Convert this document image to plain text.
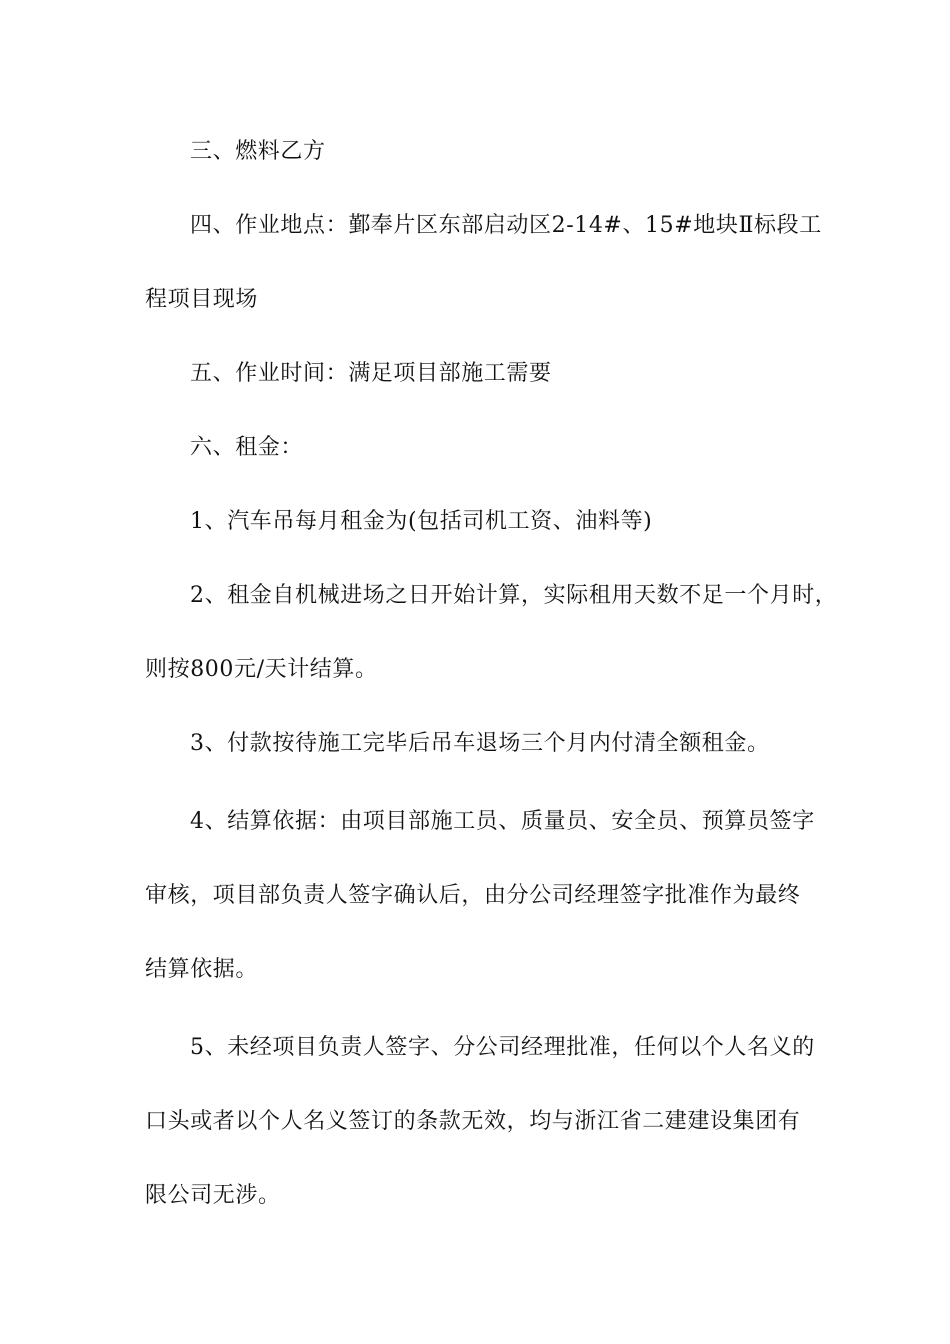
三、燃料乙方

四、作业地点：鄞奉片区东部启动区2-14#、15#地块Ⅱ标段工

程项目现场

五、作业时间：满足项目部施工需要

六、租金：

1、汽车吊每月租金为(包括司机工资、油料等)

2、租金自机械进场之日开始计算，实际租用天数不足一个月时，

则按800元/天计结算。

3、付款按待施工完毕后吊车退场三个月内付清全额租金。

4、结算依据：由项目部施工员、质量员、安全员、预算员签字

审核，项目部负责人签字确认后，由分公司经理签字批准作为最终

结算依据。

5、未经项目负责人签字、分公司经理批准，任何以个人名义的

口头或者以个人名义签订的条款无效，均与浙江省二建建设集团有

限公司无涉。
